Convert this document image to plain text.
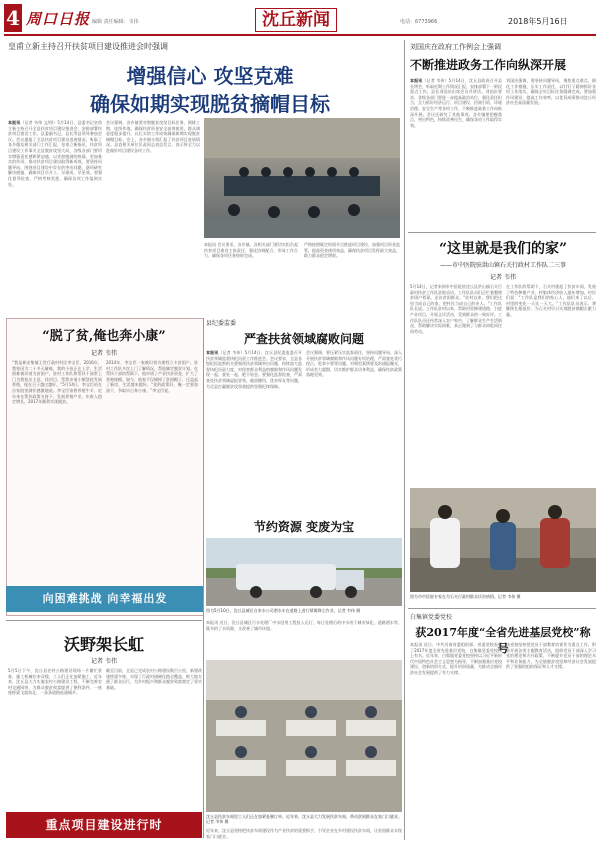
4 周口日报 编辑 责任编辑：韦伟	电话：6773966
沈丘新闻	2018年5月16日
皇甫立新主持召开扶贫项目建设推进会时强调
增强信心 攻坚克难
确保如期实现脱贫摘帽目标
本报讯（记者 韦伟 文/图）5月14日，县委书记皇甫立新主持召开全县扶贫项目建设推进会，安排部署扶贫项目建设工作。县委副书记、县长等县领导参加会议。会议通报了全县扶贫项目建设进展情况，听取了各乡镇及相关部门工作汇报。皇甫立新指出，扶贫项目建设工作事关全县脱贫攻坚大局，各级各部门要切实增强责任感和紧迫感，以更加饱满的热情、更加务实的作风，推动扶贫项目建设取得新成效。要坚持问题导向，围绕项目建设中存在的突出问题，逐项研究解决措施，确保项目早开工、早建成、早见效。要强化督导检查，严格考核奖惩，确保各项工作落到实处。
会议强调，各乡镇要对照脱贫攻坚目标任务，倒排工期，挂图作战，确保扶贫资金安全高效使用，群众满意度稳步提升，以扎实的工作成效确保如期实现脱贫摘帽目标。会上，各乡镇分别汇报了扶贫项目进展情况。县直相关单位负责同志表态发言，表示将全力以赴做好项目建设各项工作。
本报讯 会议要求，各乡镇、各相关部门要切实担负起扶贫项目建设主体责任，强化协调配合，形成工作合力，确保各项任务按时完成。
严格按照既定时间节点推进项目建设，加强项目资金监管，提高资金使用效益，确保扶贫项目发挥最大效益，助力群众稳定增收。
刘国庆在政府工作例会上强调
不断推进政务工作向纵深开展
本报讯（记者 韦伟）5月14日，沈丘县政府召开县长例会，听取近期工作情况汇报，安排部署下一阶段重点工作。县长刘国庆出席会议并讲话。刘国庆要求，各级各部门要进一步提高政治站位，强化责任担当，全力抓好经济运行、项目建设、招商引资、环境治理、安全生产等各项工作，不断推进政务工作向纵深开展。会议还研究了其他事项。各乡镇要把握重点，突出特色，持续改善民生，确保各项工作取得实效。
刘国庆强调，要坚持问题导向，聚焦重点难点，细化工作措施，压实工作责任，以钉钉子精神抓好各项工作落实，确保全年目标任务圆满完成。要加强作风建设，提高工作效率，以优异成绩推动沈丘经济社会高质量发展。
“脱了贫,俺也奔小康”
记者 韦伟
“我是新安集镇王堂行政村村民李宝臣，2016年，我家因为二十多天瘫痪，我的小孩正在上学，生活困难被识别为贫困户，驻村工作队和帮扶干部常上门为我家出主意、找项目，帮我申请小额贷款发展养殖，现在日子越过越好。”5月14日，李宝臣站在自家院里满怀感激地说。李宝臣家曾养殖牛羊，近年来在帮扶政策支持下，发展养殖产业，年收入稳定增长，2017年顺利实现脱贫。
2014年，李宝臣一家被识别为建档立卡贫困户。驻村工作队多次上门了解情况，帮他制定脱贫计划。在帮扶干部的帮助下，他申请了产业扶贫资金，扩大了养殖规模。如今，他家不仅摘掉了贫困帽子，还盖起了新房，生活越来越好。“党的政策好，俺一定要加油干，争取早日奔小康。”李宝臣说。
向困难挑战 向幸福出发
县纪委监委
严查扶贫领域腐败问题
本报讯（记者 韦伟）5月14日，沈丘县纪委监委召开扶贫领域监督执纪问责工作推进会。会议要求，全县各级纪检监察机关要聚焦扶贫领域突出问题，持续加大监督执纪问责力度，对侵害群众利益的腐败和作风问题发现一起、查处一起，绝不姑息。要强化监督检查，严肃查处扶贫领域虚报冒领、截留挪用、优亲厚友等问题，为全县打赢脱贫攻坚战提供坚强纪律保障。
会议强调，要压紧压实监督责任，坚持问题导向，深入开展扶贫领域腐败和作风问题专项治理，严肃查处贪污侵占、吃拿卡要等问题。对典型案例要及时通报曝光，形成有力震慑，切实维护群众切身利益，确保扶贫政策落地见效。
节约资源 变废为宝
图为5月10日，沈丘县城区自来水公司洒水车在道路上进行喷雾降尘作业。记者 韦伟 摄
本报讯 近日，沈丘县城区污水处理厂中水回用工程投入运行，每日处理后的中水用于城市绿化、道路洒水等，既节约了水资源，又改善了城市环境。
“这里就是我们的家”
——市中医院驻洪山镇石关行政村工作队二三事
记者 韦伟
5月14日，记者来到市中医院驻沈丘县洪山镇石关行政村扶贫工作队驻地采访。工作队队员们正忙着整理贫困户档案，走访贫困群众。“驻村以来，我们把这里当成自己的家，把村民当成自己的亲人。”工作队队长说。工作队驻村以来，帮助村里修建道路，引进产业项目，开展义诊活动，受到群众的一致好评。工作队队员还经常深入农户家中，了解群众生产生活情况，帮助解决实际困难，真正做到了与群众同吃同住同劳动。
在工作队的帮助下，石关村建起了扶贫车间，发展了特色种植产业，村集体经济收入逐年增加。村民们说：“工作队是我们的贴心人，他们来了以后，村里的变化一天比一天大。”工作队队员表示，将继续扎根基层，为石关村早日实现脱贫摘帽贡献力量。
图为市中医院专家在为石关行政村群众诊治病情。记者 韦伟 摄
白集镇党委党校
获2017年度“全省先进基层党校”称号
本报讯 近日，中共河南省委组织部、省委党校表彰了2017年度全省先进基层党校，白集镇党委党校榜上有名。近年来，白集镇党委党校坚持以习近平新时代中国特色社会主义思想为指导，不断加强基层党校建设，创新培训方式，提升培训质量，为推动全镇经济社会发展提供了有力支撑。
该党校坚持把党员干部教育培训作为重点工作，积极开展各类主题教育活动，组织党员干部深入学习党的理论和方针政策，不断提升党员干部的理论水平和业务能力，为全镇脱贫攻坚和经济社会发展提供了坚强的组织保证和人才支撑。
沃野架长虹
记者 韦伟
5月5日下午，沈丘县农村公路建设现场一片繁忙景象，施工机械往来穿梭，工人们正在加紧施工。近年来，沈丘县大力实施农村公路建设工程，不断完善农村交通网络，为群众脱贫致富提供了便利条件，一座座桥梁飞架南北，一条条道路连通城乡。
截至目前，全县已完成农村公路建设数百公里，新建改建桥梁多座，实现了行政村通硬化路全覆盖，极大地方便了群众出行，为乡村振兴和群众脱贫致富奠定了坚实基础。
重点项目建设进行时
沈丘县扶贫车间里工人们正在加紧赶制订单。近年来，沈丘县大力发展扶贫车间，带动贫困群众在家门口就业。记者 韦伟 摄
近年来，沈丘县坚持把扶贫车间建设作为产业扶贫的重要抓手，引导企业在乡村建设扶贫车间，让贫困群众实现家门口就业。
